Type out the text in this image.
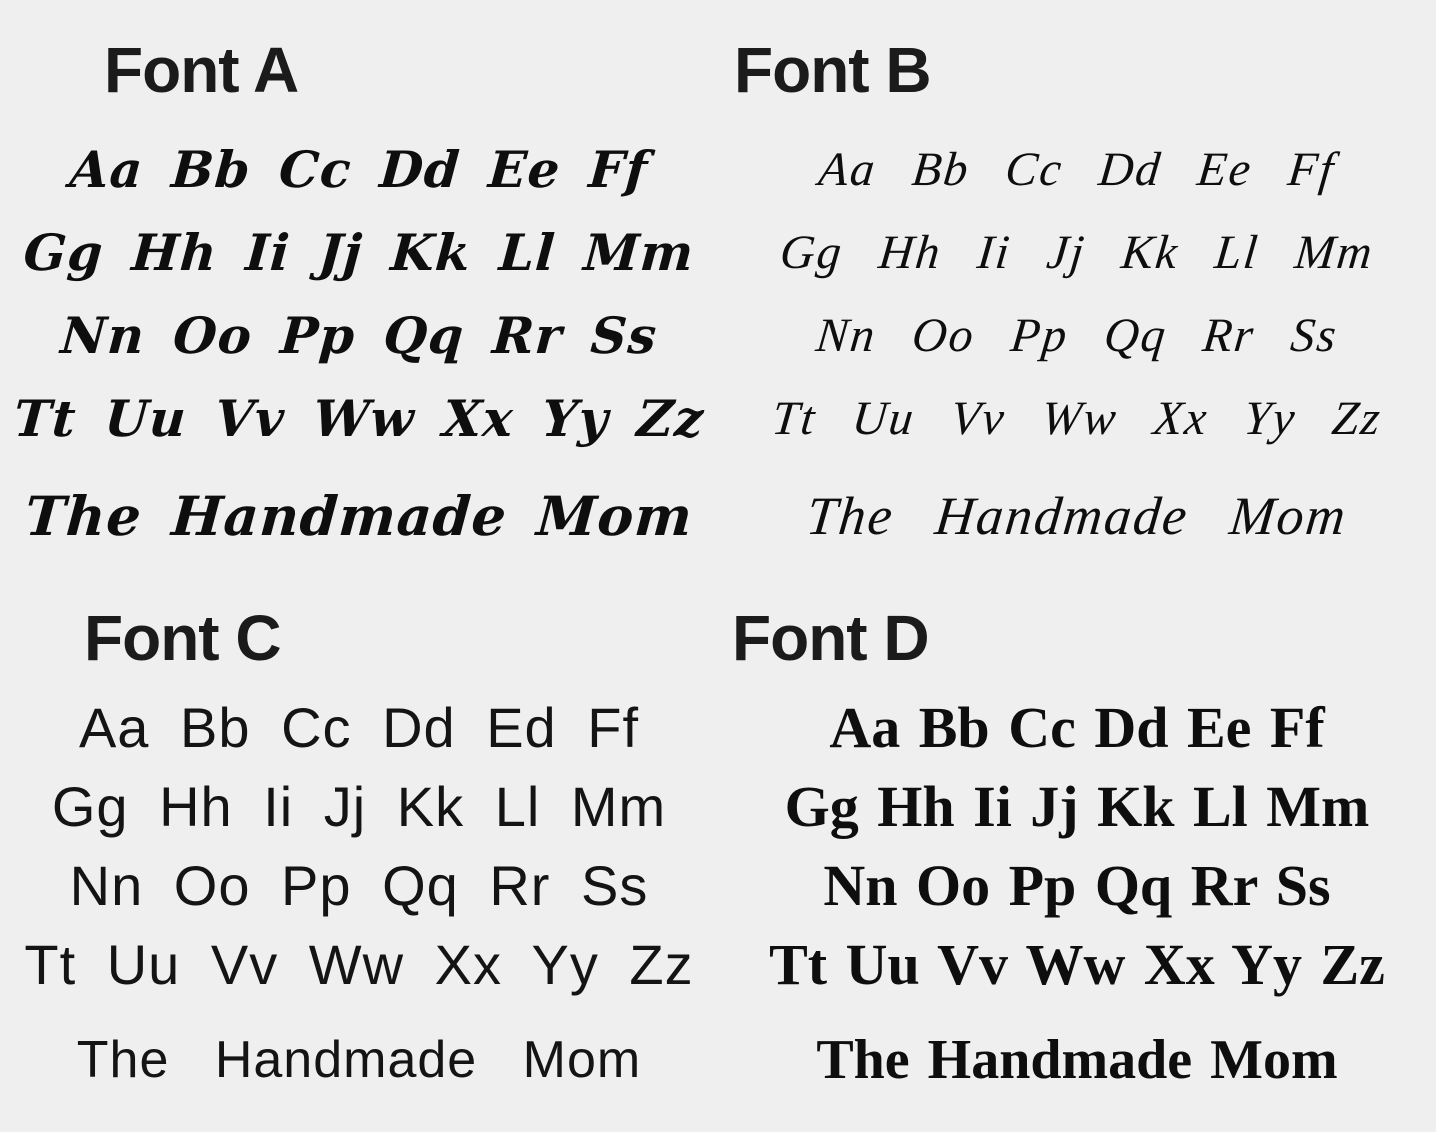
Font A
Aa Bb Cc Dd Ee Ff
Gg Hh Ii Jj Kk Ll Mm
Nn Oo Pp Qq Rr Ss
Tt Uu Vv Ww Xx Yy Zz
The Handmade Mom
Font B
Aa Bb Cc Dd Ee Ff
Gg Hh Ii Jj Kk Ll Mm
Nn Oo Pp Qq Rr Ss
Tt Uu Vv Ww Xx Yy Zz
The Handmade Mom
Font C
Aa Bb Cc Dd Ed Ff
Gg Hh Ii Jj Kk Ll Mm
Nn Oo Pp Qq Rr Ss
Tt Uu Vv Ww Xx Yy Zz
The Handmade Mom
Font D
Aa Bb Cc Dd Ee Ff
Gg Hh Ii Jj Kk Ll Mm
Nn Oo Pp Qq Rr Ss
Tt Uu Vv Ww Xx Yy Zz
The Handmade Mom
